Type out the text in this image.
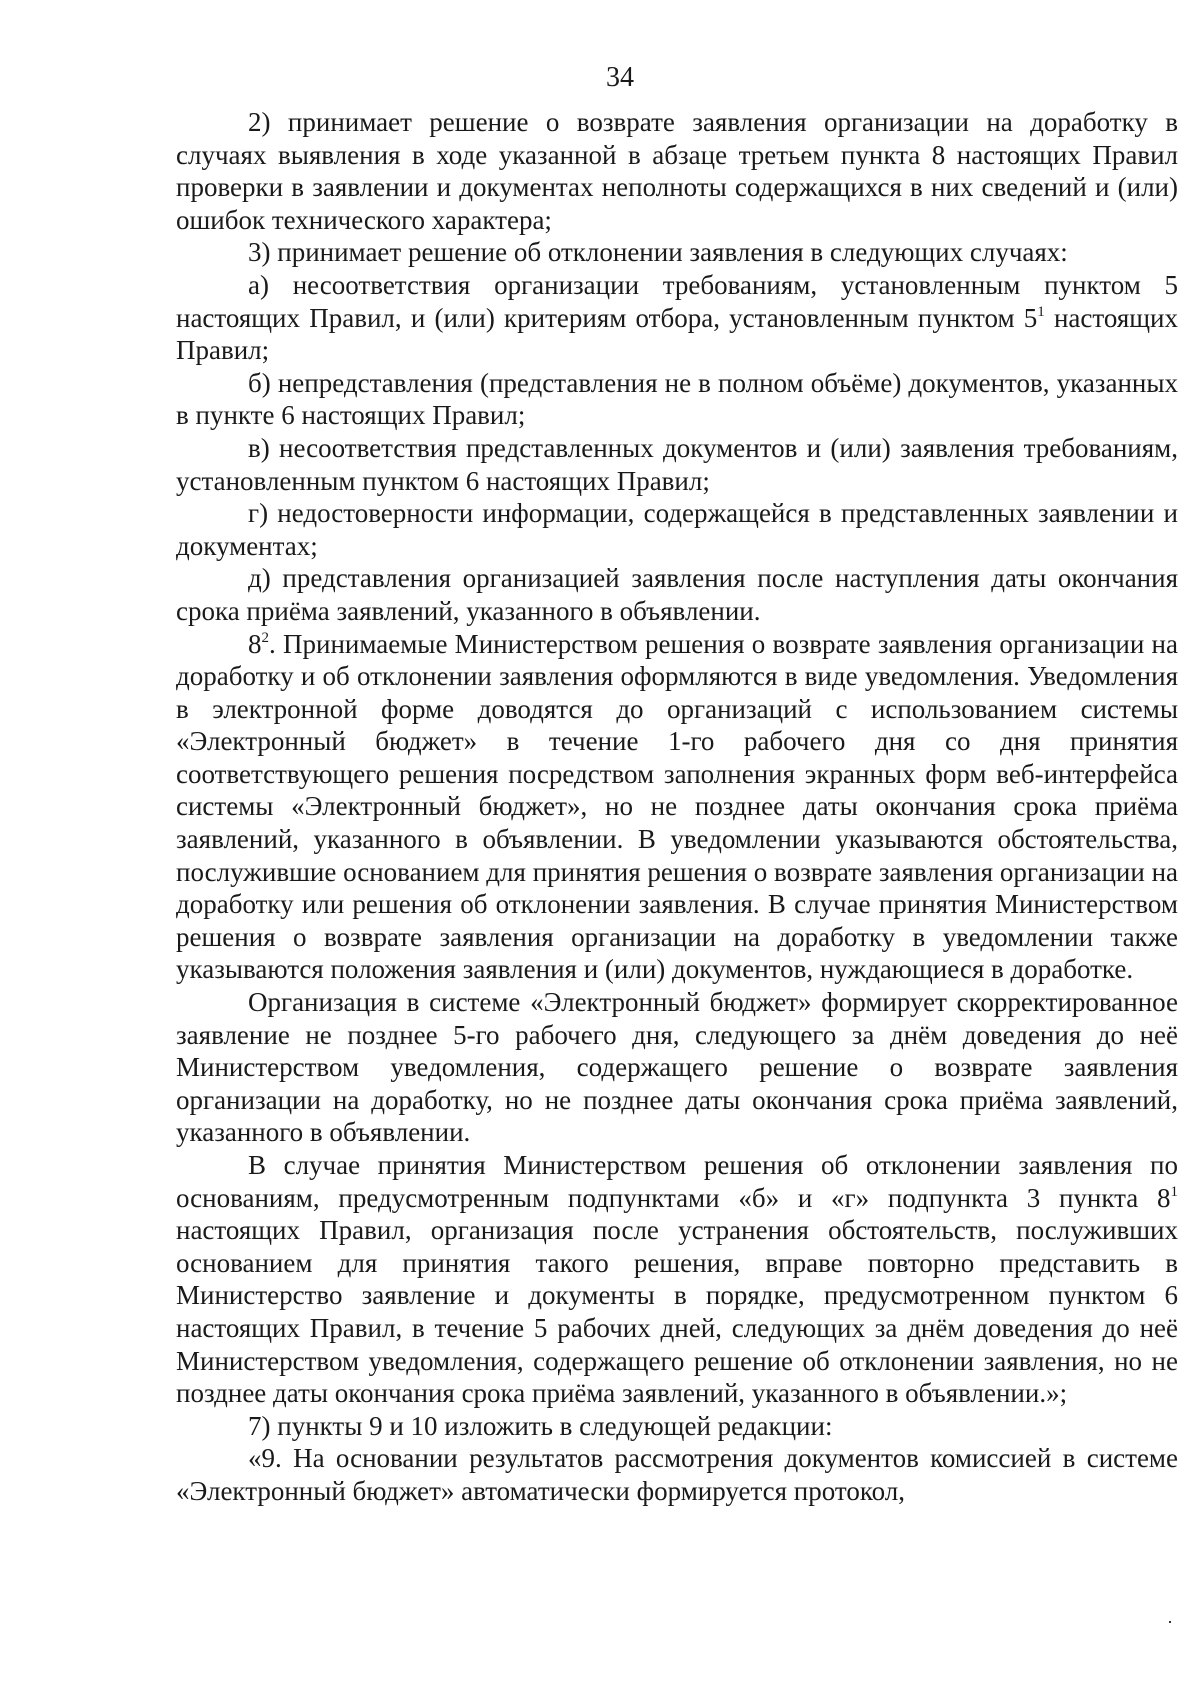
34

2) принимает решение о возврате заявления организации на доработку в случаях выявления в ходе указанной в абзаце третьем пункта 8 настоящих Правил проверки в заявлении и документах неполноты содержащихся в них сведений и (или) ошибок технического характера;

3) принимает решение об отклонении заявления в следующих случаях:

а) несоответствия организации требованиям, установленным пунктом 5 настоящих Правил, и (или) критериям отбора, установленным пунктом $5^1$ настоящих Правил;

б) непредставления (представления не в полном объёме) документов, указанных в пункте 6 настоящих Правил;

в) несоответствия представленных документов и (или) заявления требованиям, установленным пунктом 6 настоящих Правил;

г) недостоверности информации, содержащейся в представленных заявлении и документах;

д) представления организацией заявления после наступления даты окончания срока приёма заявлений, указанного в объявлении.

$8^2$. Принимаемые Министерством решения о возврате заявления организации на доработку и об отклонении заявления оформляются в виде уведомления. Уведомления в электронной форме доводятся до организаций с использованием системы «Электронный бюджет» в течение 1-го рабочего дня со дня принятия соответствующего решения посредством заполнения экранных форм веб-интерфейса системы «Электронный бюджет», но не позднее даты окончания срока приёма заявлений, указанного в объявлении. В уведомлении указываются обстоятельства, послужившие основанием для принятия решения о возврате заявления организации на доработку или решения об отклонении заявления. В случае принятия Министерством решения о возврате заявления организации на доработку в уведомлении также указываются положения заявления и (или) документов, нуждающиеся в доработке.

Организация в системе «Электронный бюджет» формирует скорректированное заявление не позднее 5-го рабочего дня, следующего за днём доведения до неё Министерством уведомления, содержащего решение о возврате заявления организации на доработку, но не позднее даты окончания срока приёма заявлений, указанного в объявлении.

В случае принятия Министерством решения об отклонении заявления по основаниям, предусмотренным подпунктами «б» и «г» подпункта 3 пункта $8^1$ настоящих Правил, организация после устранения обстоятельств, послуживших основанием для принятия такого решения, вправе повторно представить в Министерство заявление и документы в порядке, предусмотренном пунктом 6 настоящих Правил, в течение 5 рабочих дней, следующих за днём доведения до неё Министерством уведомления, содержащего решение об отклонении заявления, но не позднее даты окончания срока приёма заявлений, указанного в объявлении.»;

7) пункты 9 и 10 изложить в следующей редакции:

«9. На основании результатов рассмотрения документов комиссией в системе «Электронный бюджет» автоматически формируется протокол,
